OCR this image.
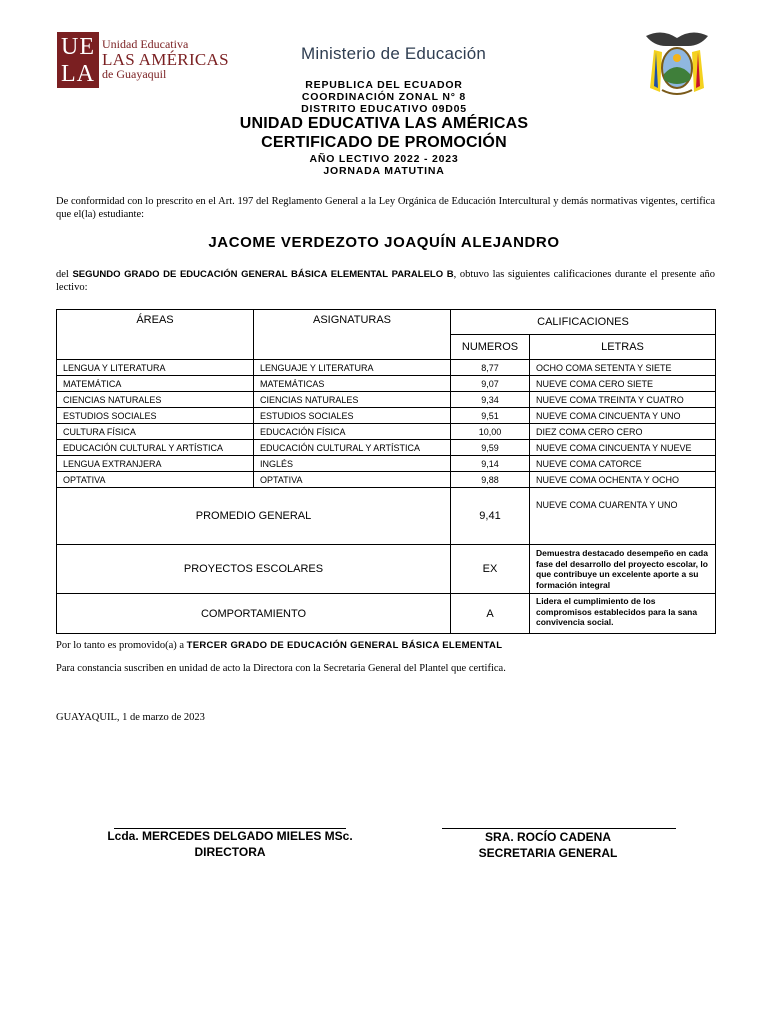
UE
LA
Unidad Educativa
LAS AMÉRICAS
de Guayaquil
Ministerio de Educación
REPUBLICA DEL ECUADOR
COORDINACIÓN ZONAL N° 8
DISTRITO EDUCATIVO 09D05
UNIDAD EDUCATIVA LAS AMÉRICAS
CERTIFICADO DE PROMOCIÓN
AÑO LECTIVO 2022 - 2023
JORNADA MATUTINA
De conformidad con lo prescrito en el Art. 197 del Reglamento General a la Ley Orgánica de Educación Intercultural y demás normativas vigentes, certifica que el(la) estudiante:
JACOME VERDEZOTO JOAQUÍN ALEJANDRO
del SEGUNDO GRADO DE EDUCACIÓN GENERAL BÁSICA ELEMENTAL PARALELO B, obtuvo las siguientes calificaciones durante el presente año lectivo:
ÁREAS	ASIGNATURAS	CALIFICACIONES	
		NUMEROS	LETRAS
LENGUA Y LITERATURA	LENGUAJE Y LITERATURA	8,77	OCHO COMA SETENTA Y SIETE
MATEMÁTICA	MATEMÁTICAS	9,07	NUEVE COMA CERO SIETE
CIENCIAS NATURALES	CIENCIAS NATURALES	9,34	NUEVE COMA TREINTA Y CUATRO
ESTUDIOS SOCIALES	ESTUDIOS SOCIALES	9,51	NUEVE COMA CINCUENTA Y UNO
CULTURA FÍSICA	EDUCACIÓN FÍSICA	10,00	DIEZ COMA CERO CERO
EDUCACIÓN CULTURAL Y ARTÍSTICA	EDUCACIÓN CULTURAL Y ARTÍSTICA	9,59	NUEVE COMA CINCUENTA Y NUEVE
LENGUA EXTRANJERA	INGLÉS	9,14	NUEVE COMA CATORCE
OPTATIVA	OPTATIVA	9,88	NUEVE COMA OCHENTA Y OCHO
PROMEDIO GENERAL		9,41	NUEVE COMA CUARENTA Y UNO
PROYECTOS ESCOLARES		EX	Demuestra destacado desempeño en cada fase del desarrollo del proyecto escolar, lo que contribuye un excelente aporte a su formación integral
COMPORTAMIENTO		A	Lidera el cumplimiento de los compromisos establecidos para la sana convivencia social.
Por lo tanto es promovido(a) a TERCER GRADO DE EDUCACIÓN GENERAL BÁSICA ELEMENTAL
Para constancia suscriben en unidad de acto la Directora con la Secretaria General del Plantel que certifica.
GUAYAQUIL, 1 de marzo de 2023
Lcda. MERCEDES DELGADO MIELES MSc.
DIRECTORA
SRA. ROCÍO CADENA
SECRETARIA GENERAL
